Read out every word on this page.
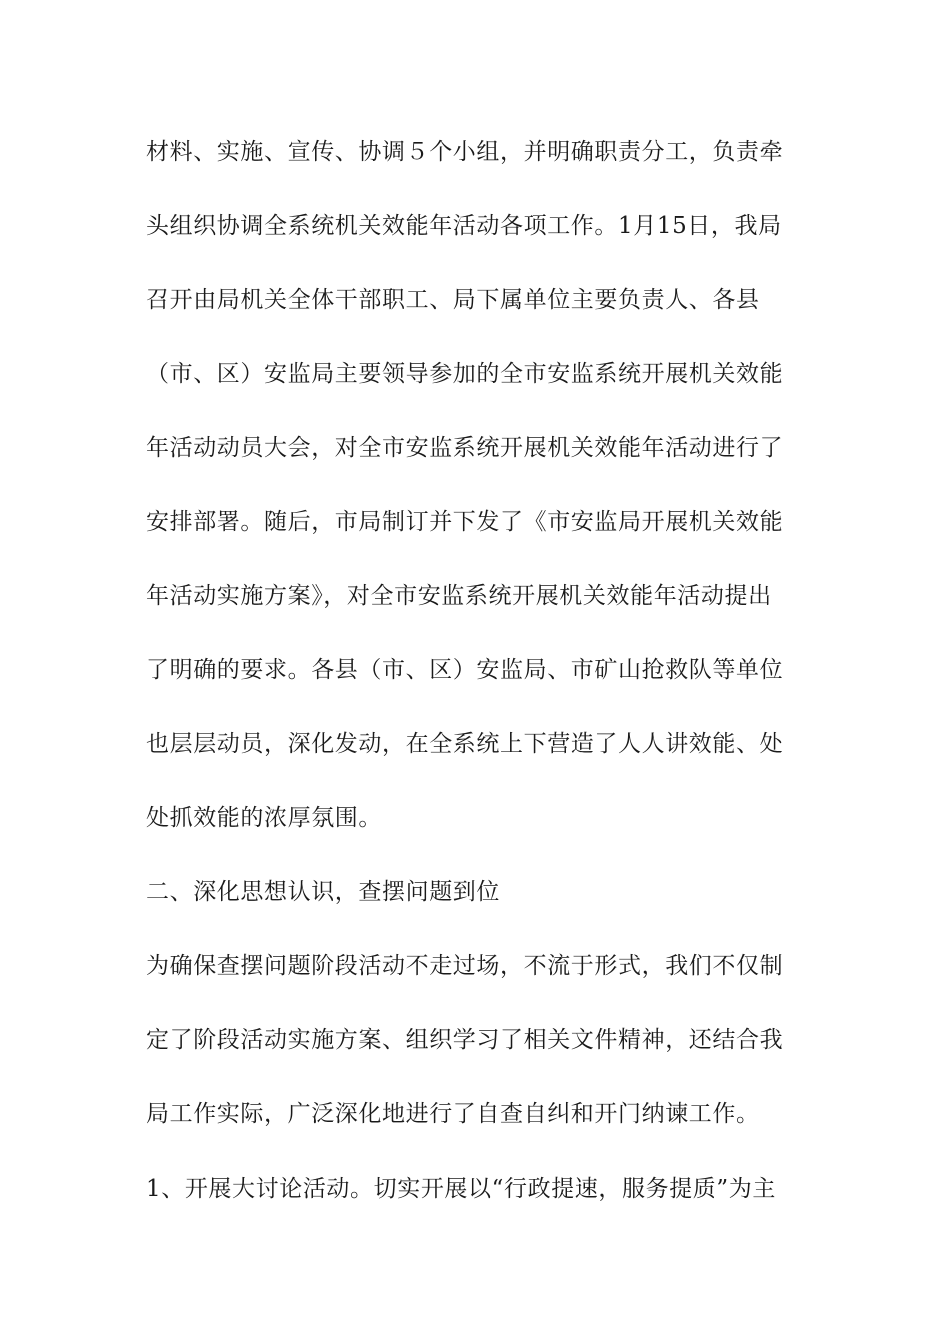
材料、实施、宣传、协调５个小组，并明确职责分工，负责牵
头组织协调全系统机关效能年活动各项工作。1月15日，我局
召开由局机关全体干部职工、局下属单位主要负责人、各县
（市、区）安监局主要领导参加的全市安监系统开展机关效能
年活动动员大会，对全市安监系统开展机关效能年活动进行了
安排部署。随后，市局制订并下发了《市安监局开展机关效能
年活动实施方案》，对全市安监系统开展机关效能年活动提出
了明确的要求。各县（市、区）安监局、市矿山抢救队等单位
也层层动员，深化发动，在全系统上下营造了人人讲效能、处
处抓效能的浓厚氛围。
二、深化思想认识，查摆问题到位
为确保查摆问题阶段活动不走过场，不流于形式，我们不仅制
定了阶段活动实施方案、组织学习了相关文件精神，还结合我
局工作实际，广泛深化地进行了自查自纠和开门纳谏工作。
1、开展大讨论活动。切实开展以“行政提速，服务提质”为主
